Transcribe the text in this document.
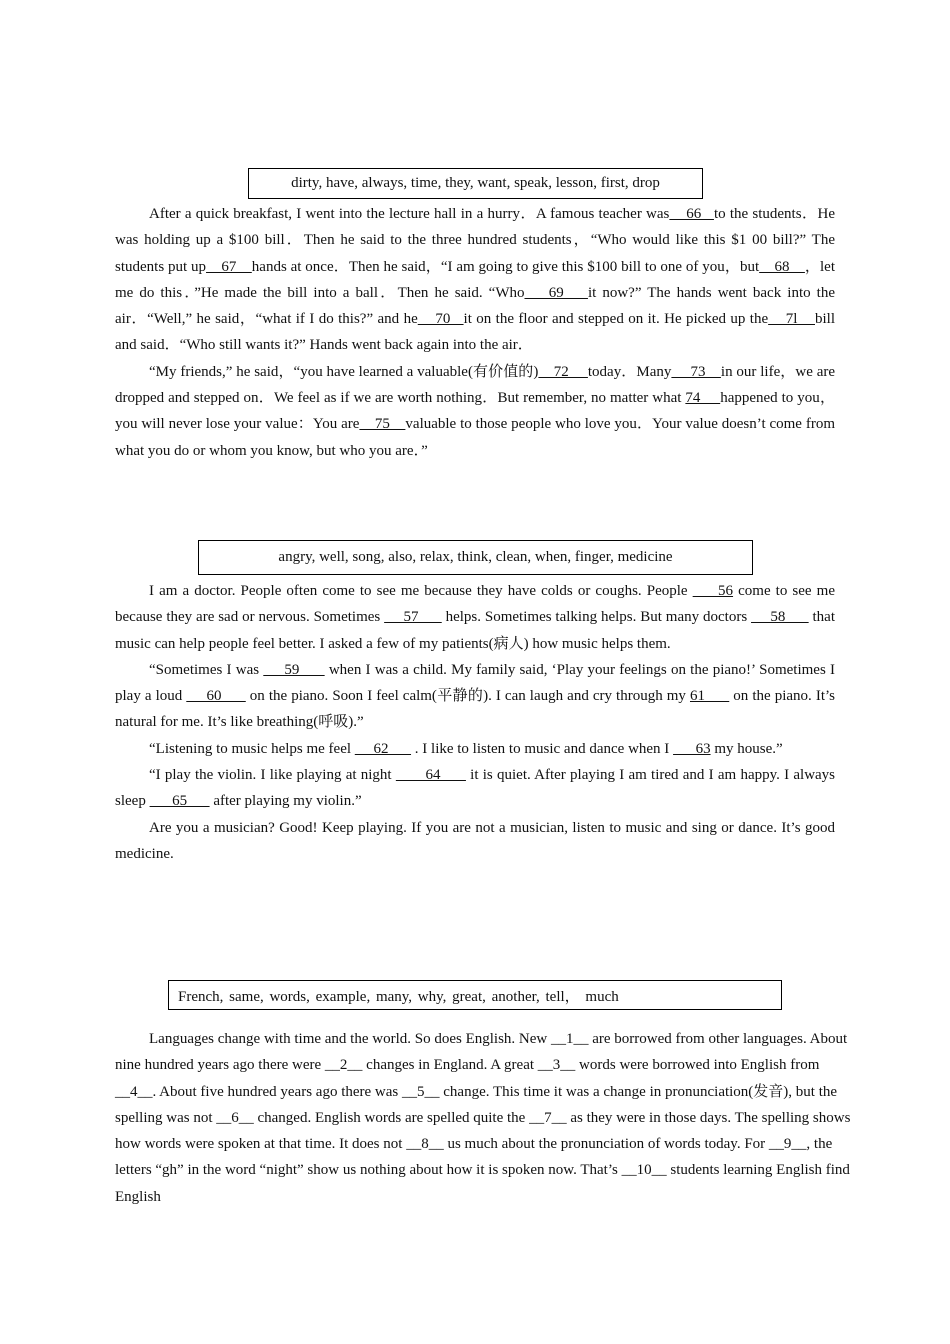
dirty, have, always, time, they, want, speak, lesson, first, drop

After a quick breakfast, I went into the lecture hall in a hurry．A famous teacher was    66   to the students．He was holding up a $100 bill．Then he said to the three hundred students，“Who would like this $1 00 bill?” The students put up    67    hands at once．Then he said，“I am going to give this $100 bill to one of you，but    68    ，let me do this．”He made the bill into a ball．Then he said. “Who    69    it now?” The hands went back into the air．“Well,” he said，“what if I do this?” and he    70   it on the floor and stepped on it. He picked up the    7l    bill and said．“Who still wants it?” Hands went back again into the air．

“My friends,” he said，“you have learned a valuable(有价值的)    72     today．Many     73    in our life，we are dropped and stepped on．We feel as if we are worth nothing．But remember, no matter what 74     happened to you，you will never lose your value：You are    75    valuable to those people who love you．Your value doesn’t come from what you do or whom you know, but who you are．”

angry, well, song, also, relax, think, clean, when, finger, medicine

I am a doctor. People often come to see me because they have colds or coughs. People      56 come to see me because they are sad or nervous. Sometimes      57       helps. Sometimes talking helps. But many doctors      58       that music can help people feel better. I asked a few of my patients(病人) how music helps them.

“Sometimes I was      59       when I was a child. My family said, ‘Play your feelings on the piano!’ Sometimes I play a loud      60       on the piano. Soon I feel calm(平静的). I can laugh and cry through my 61       on the piano. It’s natural for me. It’s like breathing(呼吸).”

“Listening to music helps me feel      62       . I like to listen to music and dance when I       63 my house.”

“I play the violin. I like playing at night        64       it is quiet. After playing I am tired and I am happy. I always sleep       65       after playing my violin.”

Are you a musician? Good! Keep playing. If you are not a musician, listen to music and sing or dance. It’s good medicine.

French, same, words, example, many, why, great, another, tell， much

Languages change with time and the world. So does English. New __1__ are borrowed from other languages. About nine hundred years ago there were __2__ changes in England. A great __3__ words were borrowed into English from __4__. About five hundred years ago there was __5__ change. This time it was a change in pronunciation(发音), but the spelling was not __6__ changed. English words are spelled quite the __7__ as they were in those days. The spelling shows how words were spoken at that time. It does not __8__ us much about the pronunciation of words today. For __9__, the letters “gh” in the word “night” show us nothing about how it is spoken now. That’s __10__ students learning English find English
